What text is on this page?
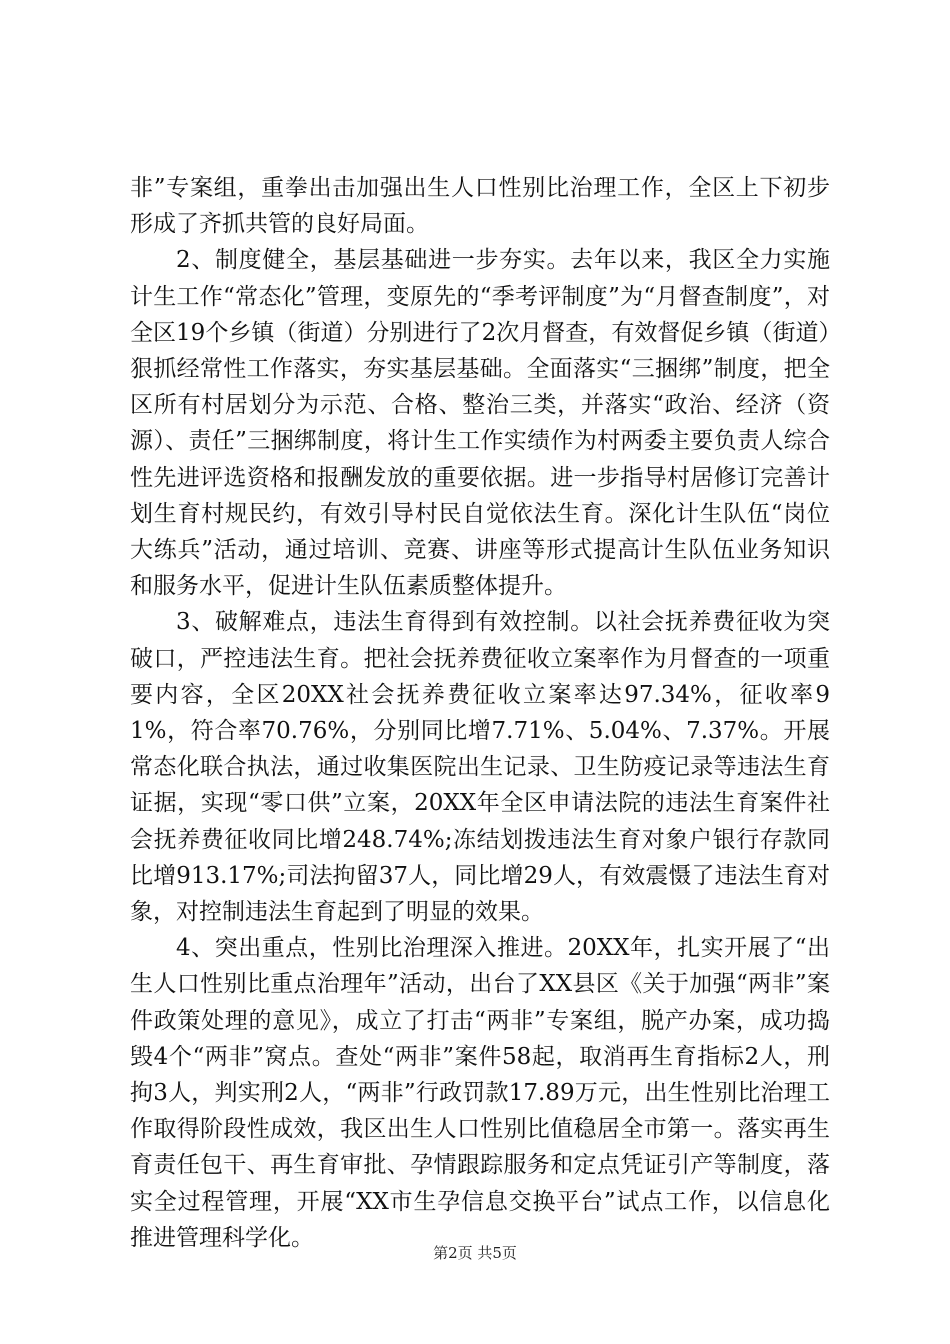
非”专案组，重拳出击加强出生人口性别比治理工作，全区上下初步形成了齐抓共管的良好局面。

2、制度健全，基层基础进一步夯实。去年以来，我区全力实施计生工作“常态化”管理，变原先的“季考评制度”为“月督查制度”，对全区19个乡镇（街道）分别进行了2次月督查，有效督促乡镇（街道）狠抓经常性工作落实，夯实基层基础。全面落实“三捆绑”制度，把全区所有村居划分为示范、合格、整治三类，并落实“政治、经济（资源）、责任”三捆绑制度，将计生工作实绩作为村两委主要负责人综合性先进评选资格和报酬发放的重要依据。进一步指导村居修订完善计划生育村规民约，有效引导村民自觉依法生育。深化计生队伍“岗位大练兵”活动，通过培训、竞赛、讲座等形式提高计生队伍业务知识和服务水平，促进计生队伍素质整体提升。

3、破解难点，违法生育得到有效控制。以社会抚养费征收为突破口，严控违法生育。把社会抚养费征收立案率作为月督查的一项重要内容，全区20XX社会抚养费征收立案率达97.34%，征收率91%，符合率70.76%，分别同比增7.71%、5.04%、7.37%。开展常态化联合执法，通过收集医院出生记录、卫生防疫记录等违法生育证据，实现“零口供”立案，20XX年全区申请法院的违法生育案件社会抚养费征收同比增248.74%;冻结划拨违法生育对象户银行存款同比增913.17%;司法拘留37人，同比增29人，有效震慑了违法生育对象，对控制违法生育起到了明显的效果。

4、突出重点，性别比治理深入推进。20XX年，扎实开展了“出生人口性别比重点治理年”活动，出台了XX县区《关于加强“两非”案件政策处理的意见》，成立了打击“两非”专案组，脱产办案，成功捣毁4个“两非”窝点。查处“两非”案件58起，取消再生育指标2人，刑拘3人，判实刑2人，“两非”行政罚款17.89万元，出生性别比治理工作取得阶段性成效，我区出生人口性别比值稳居全市第一。落实再生育责任包干、再生育审批、孕情跟踪服务和定点凭证引产等制度，落实全过程管理，开展“XX市生孕信息交换平台”试点工作，以信息化推进管理科学化。

第2页 共5页
